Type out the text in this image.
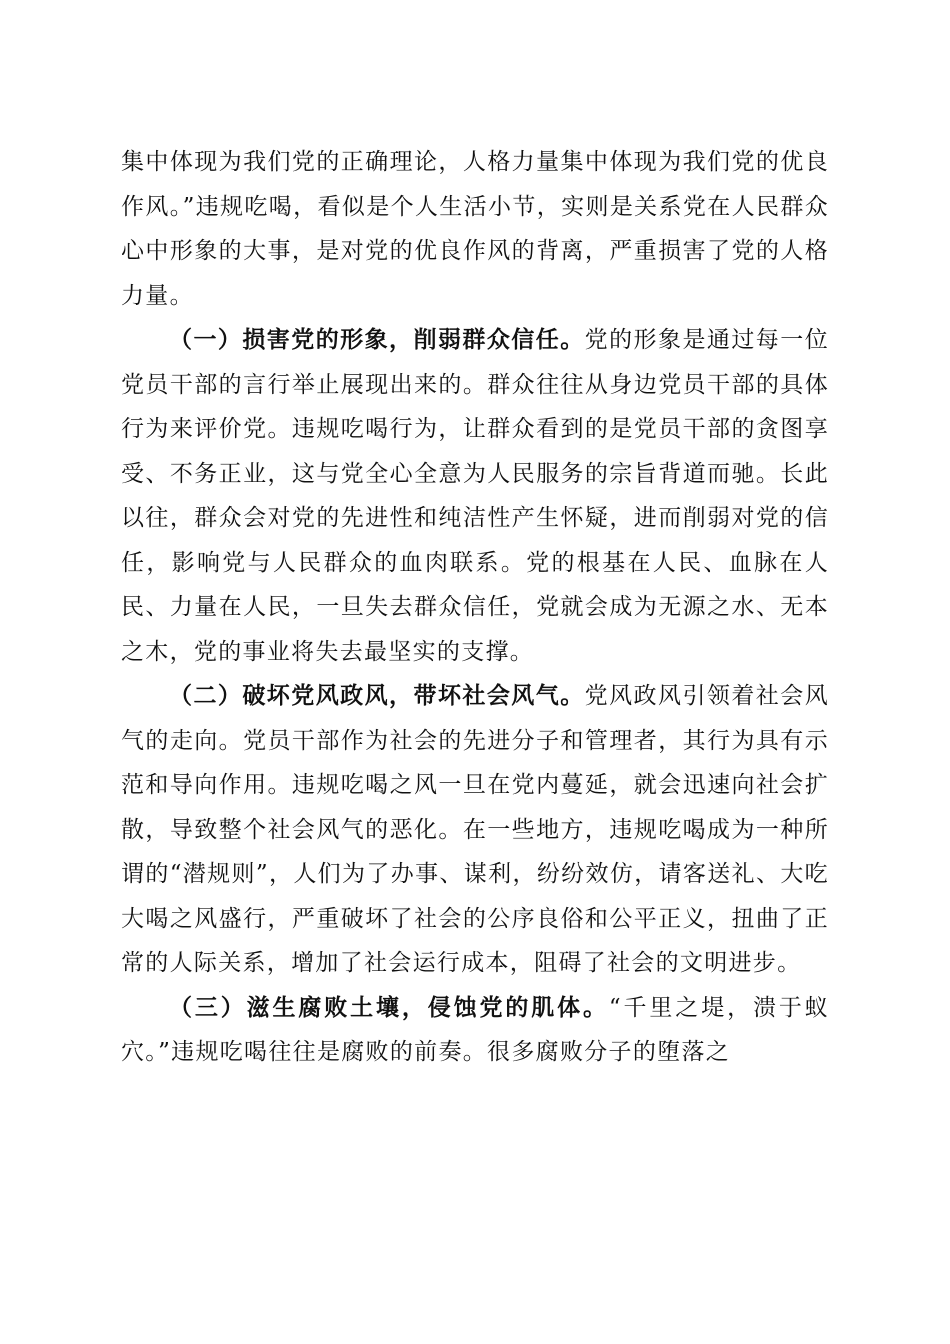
集中体现为我们党的正确理论，人格力量集中体现为我们党的优良作风。”违规吃喝，看似是个人生活小节，实则是关系党在人民群众心中形象的大事，是对党的优良作风的背离，严重损害了党的人格力量。

（一）损害党的形象，削弱群众信任。党的形象是通过每一位党员干部的言行举止展现出来的。群众往往从身边党员干部的具体行为来评价党。违规吃喝行为，让群众看到的是党员干部的贪图享受、不务正业，这与党全心全意为人民服务的宗旨背道而驰。长此以往，群众会对党的先进性和纯洁性产生怀疑，进而削弱对党的信任，影响党与人民群众的血肉联系。党的根基在人民、血脉在人民、力量在人民，一旦失去群众信任，党就会成为无源之水、无本之木，党的事业将失去最坚实的支撑。

（二）破坏党风政风，带坏社会风气。党风政风引领着社会风气的走向。党员干部作为社会的先进分子和管理者，其行为具有示范和导向作用。违规吃喝之风一旦在党内蔓延，就会迅速向社会扩散，导致整个社会风气的恶化。在一些地方，违规吃喝成为一种所谓的“潜规则”，人们为了办事、谋利，纷纷效仿，请客送礼、大吃大喝之风盛行，严重破坏了社会的公序良俗和公平正义，扭曲了正常的人际关系，增加了社会运行成本，阻碍了社会的文明进步。

（三）滋生腐败土壤，侵蚀党的肌体。“千里之堤，溃于蚁穴。”违规吃喝往往是腐败的前奏。很多腐败分子的堕落之
